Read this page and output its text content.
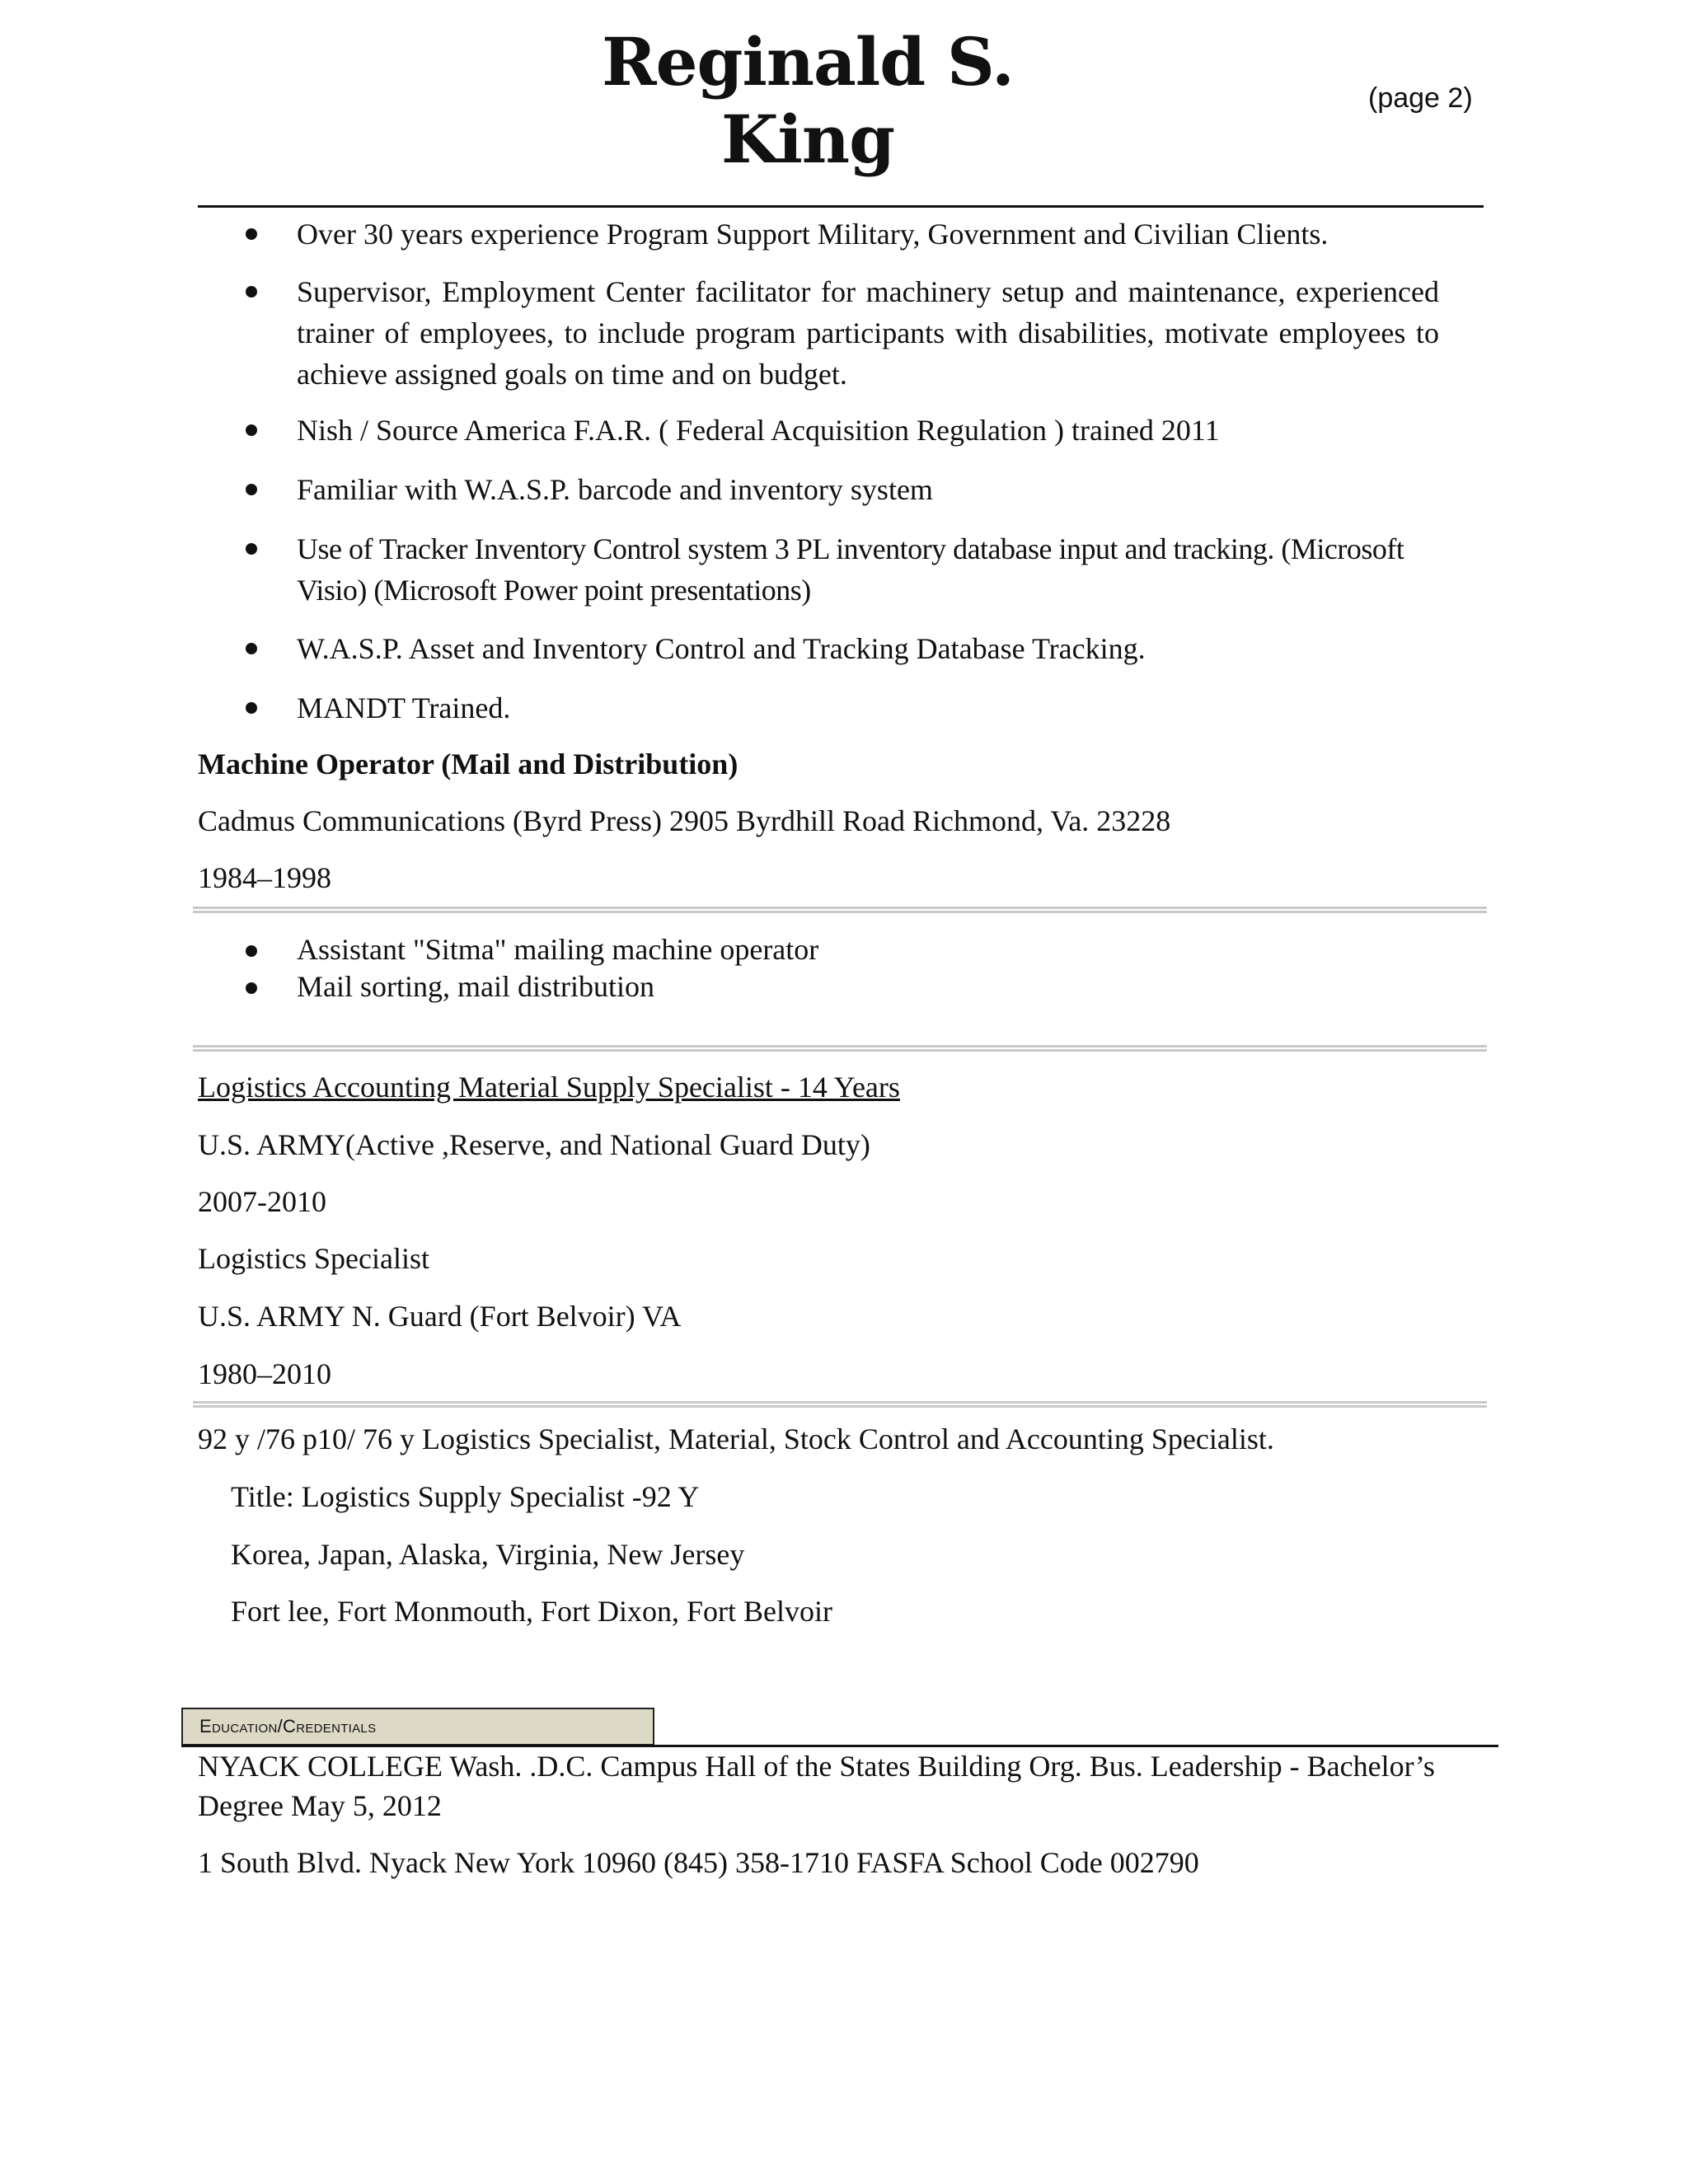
Reginald S.
King
(page 2)
Over 30 years experience Program Support Military, Government and Civilian Clients.
Supervisor, Employment Center facilitator for machinery setup and maintenance, experienced trainer of employees, to include program participants with disabilities, motivate employees to achieve assigned goals on time and on budget.
Nish / Source America F.A.R. ( Federal Acquisition Regulation ) trained 2011
Familiar with W.A.S.P. barcode and inventory system
Use of Tracker Inventory Control system 3 PL inventory database input and tracking. (Microsoft Visio) (Microsoft Power point presentations)
W.A.S.P. Asset and Inventory Control and Tracking Database Tracking.
MANDT Trained.
Machine Operator (Mail and Distribution)
Cadmus Communications (Byrd Press) 2905 Byrdhill Road Richmond, Va. 23228
1984–1998
Assistant "Sitma" mailing machine operator
Mail sorting, mail distribution
Logistics Accounting Material Supply Specialist - 14 Years
U.S. ARMY(Active ,Reserve, and National Guard Duty)
2007-2010
Logistics Specialist
U.S. ARMY N. Guard (Fort Belvoir) VA
1980–2010
92 y /76 p10/ 76 y Logistics Specialist, Material, Stock Control and Accounting Specialist.
Title: Logistics Supply Specialist -92 Y
Korea, Japan, Alaska, Virginia, New Jersey
Fort lee, Fort Monmouth, Fort Dixon, Fort Belvoir
Education/Credentials
NYACK COLLEGE Wash. .D.C. Campus Hall of the States Building Org. Bus. Leadership - Bachelor’s
Degree May 5, 2012
1 South Blvd. Nyack New York 10960 (845) 358-1710 FASFA School Code 002790
